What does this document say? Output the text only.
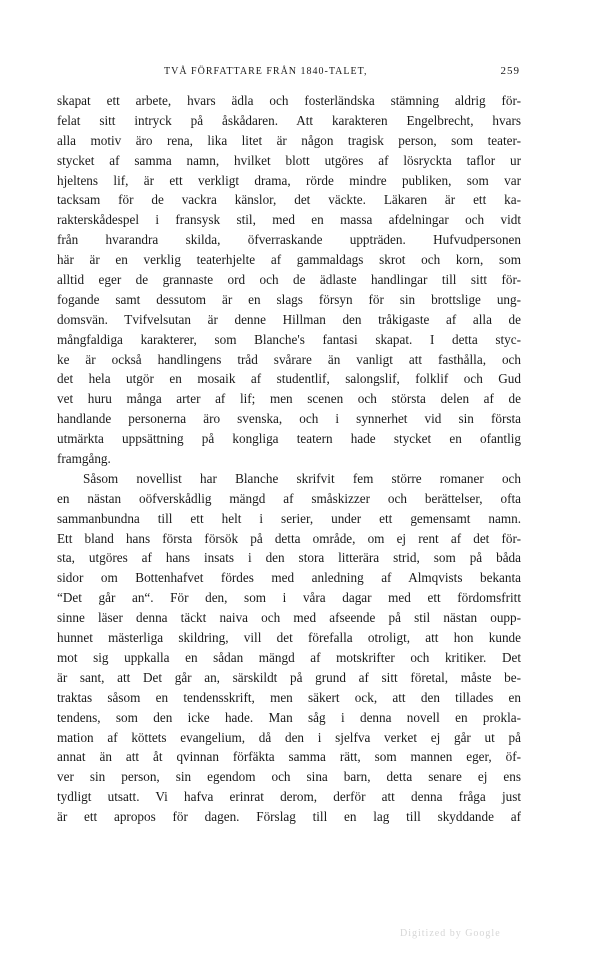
TVÅ FÖRFATTARE FRÅN 1840-TALET,	259
skapat ett arbete, hvars ädla och fosterländska stämning aldrig för-
felat sitt intryck på åskådaren. Att karakteren Engelbrecht, hvars
alla motiv äro rena, lika litet är någon tragisk person, som teater-
stycket af samma namn, hvilket blott utgöres af lösryckta taflor ur
hjeltens lif, är ett verkligt drama, rörde mindre publiken, som var
tacksam för de vackra känslor, det väckte. Läkaren är ett ka-
rakterskådespel i fransysk stil, med en massa afdelningar och vidt
från hvarandra skilda, öfverraskande uppträden. Hufvudpersonen
här är en verklig teaterhjelte af gammaldags skrot och korn, som
alltid eger de grannaste ord och de ädlaste handlingar till sitt för-
fogande samt dessutom är en slags försyn för sin brottslige ung-
domsvän. Tvifvelsutan är denne Hillman den tråkigaste af alla de
mångfaldiga karakterer, som Blanche's fantasi skapat. I detta styc-
ke är också handlingens tråd svårare än vanligt att fasthålla, och
det hela utgör en mosaik af studentlif, salongslif, folklif och Gud
vet huru många arter af lif; men scenen och största delen af de
handlande personerna äro svenska, och i synnerhet vid sin första
utmärkta uppsättning på kongliga teatern hade stycket en ofantlig
framgång.
Såsom novellist har Blanche skrifvit fem större romaner och
en nästan oöfverskådlig mängd af småskizzer och berättelser, ofta
sammanbundna till ett helt i serier, under ett gemensamt namn.
Ett bland hans första försök på detta område, om ej rent af det för-
sta, utgöres af hans insats i den stora litterära strid, som på båda
sidor om Bottenhafvet fördes med anledning af Almqvists bekanta
“Det går an“. För den, som i våra dagar med ett fördomsfritt
sinne läser denna täckt naiva och med afseende på stil nästan oupp-
hunnet mästerliga skildring, vill det förefalla otroligt, att hon kunde
mot sig uppkalla en sådan mängd af motskrifter och kritiker. Det
är sant, att Det går an, särskildt på grund af sitt företal, måste be-
traktas såsom en tendensskrift, men säkert ock, att den tillades en
tendens, som den icke hade. Man såg i denna novell en prokla-
mation af köttets evangelium, då den i sjelfva verket ej går ut på
annat än att åt qvinnan förfäkta samma rätt, som mannen eger, öf-
ver sin person, sin egendom och sina barn, detta senare ej ens
tydligt utsatt. Vi hafva erinrat derom, derför att denna fråga just
är ett apropos för dagen. Förslag till en lag till skyddande af
Digitized by Google
